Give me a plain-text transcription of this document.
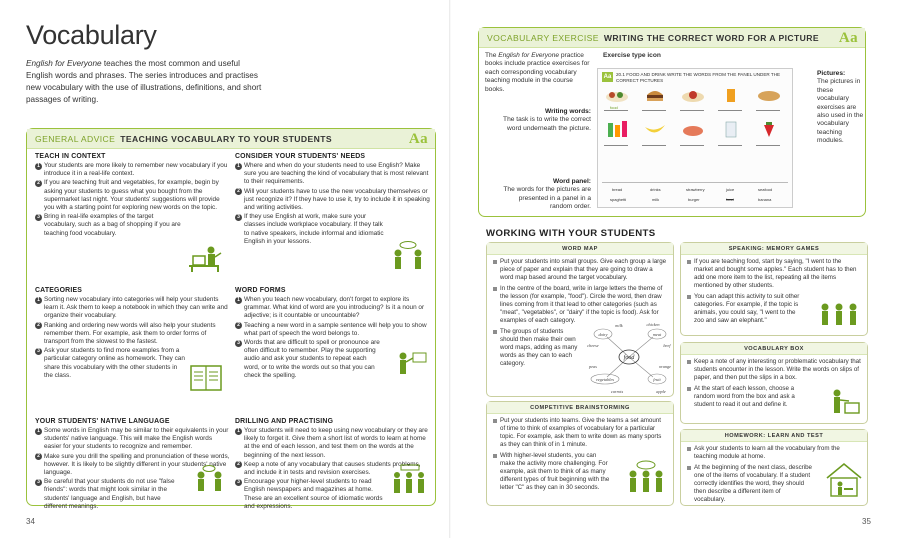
Vocabulary
English for Everyone teaches the most common and useful English words and phrases. The series introduces and practises new vocabulary with the use of illustrations, definitions, and short passages of writing.
GENERAL ADVICE TEACHING VOCABULARY TO YOUR STUDENTS	Aa
TEACH IN CONTEXT
1 Your students are more likely to remember new vocabulary if you introduce it in a real-life context.
2 If you are teaching fruit and vegetables, for example, begin by asking your students to guess what you bought from the supermarket last night. Your students' suggestions will provide you with a starting point for exploring new words on the topic.
3 Bring in real-life examples of the target vocabulary, such as a bag of shopping if you are teaching food vocabulary.
CATEGORIES
1 Sorting new vocabulary into categories will help your students learn it. Ask them to keep a notebook in which they can write and organize their vocabulary.
2 Ranking and ordering new words will also help your students remember them. For example, ask them to order forms of transport from the slowest to the fastest.
3 Ask your students to find more examples from a particular category online as homework. They can share this vocabulary with the other students in the class.
YOUR STUDENTS' NATIVE LANGUAGE
1 Some words in English may be similar to their equivalents in your students' native language. This will make the English words easier for your students to recognize and remember.
2 Make sure you drill the spelling and pronunciation of these words, however. It is likely to be slightly different in your students' native language.
3 Be careful that your students do not use "false friends": words that might look similar in the students' language and English, but have different meanings.
CONSIDER YOUR STUDENTS' NEEDS
1 Where and when do your students need to use English? Make sure you are teaching the kind of vocabulary that is most relevant to their requirements.
2 Will your students have to use the new vocabulary themselves or just recognize it? If they have to use it, try to include it in speaking and writing activities.
3 If they use English at work, make sure your classes include workplace vocabulary. If they talk to native speakers, include informal and idiomatic English in your lessons.
WORD FORMS
1 When you teach new vocabulary, don't forget to explore its grammar. What kind of word are you introducing? Is it a noun or adjective; is it countable or uncountable?
2 Teaching a new word in a sample sentence will help you to show what part of speech the word belongs to.
3 Words that are difficult to spell or pronounce are often difficult to remember. Play the supporting audio and ask your students to repeat each word, or to write the words out so that you can check the spelling.
DRILLING AND PRACTISING
1 Your students will need to keep using new vocabulary or they are likely to forget it. Give them a short list of words to learn at home at the end of each lesson, and test them on the words at the beginning of the next lesson.
2 Keep a note of any vocabulary that causes students problems, and include it in tests and revision exercises.
3 Encourage your higher-level students to read English newspapers and magazines at home. These are an excellent source of idiomatic words and expressions.
34
VOCABULARY EXERCISE WRITING THE CORRECT WORD FOR A PICTURE Aa
The English for Everyone practice books include practice exercises for each corresponding vocabulary teaching module in the course books.
Writing words:
The task is to write the correct word underneath the picture.
Word panel:
The words for the pictures are presented in a panel in a random order.
Exercise type icon
Pictures:
The pictures in these vocabulary exercises are also used in the vocabulary teaching modules.
Aa	20.1 FOOD AND DRINK WRITE THE WORDS FROM THE PANEL UNDER THE CORRECT PICTURES
food
bread	drinks	strawberry	juice	seafood
spaghetti	milk	burger	food	banana
WORKING WITH YOUR STUDENTS
WORD MAP
Put your students into small groups. Give each group a large piece of paper and explain that they are going to draw a word map based around the target vocabulary.
In the centre of the board, write in large letters the theme of the lesson (for example, "food"). Circle the word, then draw lines coming from it that lead to other categories (such as "meat", "vegetables", or "dairy" if the topic is food). Ask for examples of each category.
The groups of students should then make their own word maps, adding as many words as they can to each category.
food
dairy
milk	chicken
meat
beef
cheese
peas
vegetables
carrots
orange
fruit
apple
COMPETITIVE BRAINSTORMING
Put your students into teams. Give the teams a set amount of time to think of examples of vocabulary for a particular topic. For example, ask them to write down as many sports as they can think of in 1 minute.
With higher-level students, you can make the activity more challenging. For example, ask them to think of as many different types of fruit beginning with the letter "C" as they can in 30 seconds.
SPEAKING: MEMORY GAMES
If you are teaching food, start by saying, "I went to the market and bought some apples." Each student has to then add one more item to the list, repeating all the items mentioned by other students.
You can adapt this activity to suit other categories. For example, if the topic is animals, you could say, "I went to the zoo and saw an elephant."
VOCABULARY BOX
Keep a note of any interesting or problematic vocabulary that students encounter in the lesson. Write the words on slips of paper, and then put the slips in a box.
At the start of each lesson, choose a random word from the box and ask a student to read it out and define it.
HOMEWORK: LEARN AND TEST
Ask your students to learn all the vocabulary from the teaching module at home.
At the beginning of the next class, describe one of the items of vocabulary. If a student correctly identifies the word, they should then describe a different item of vocabulary.
35
